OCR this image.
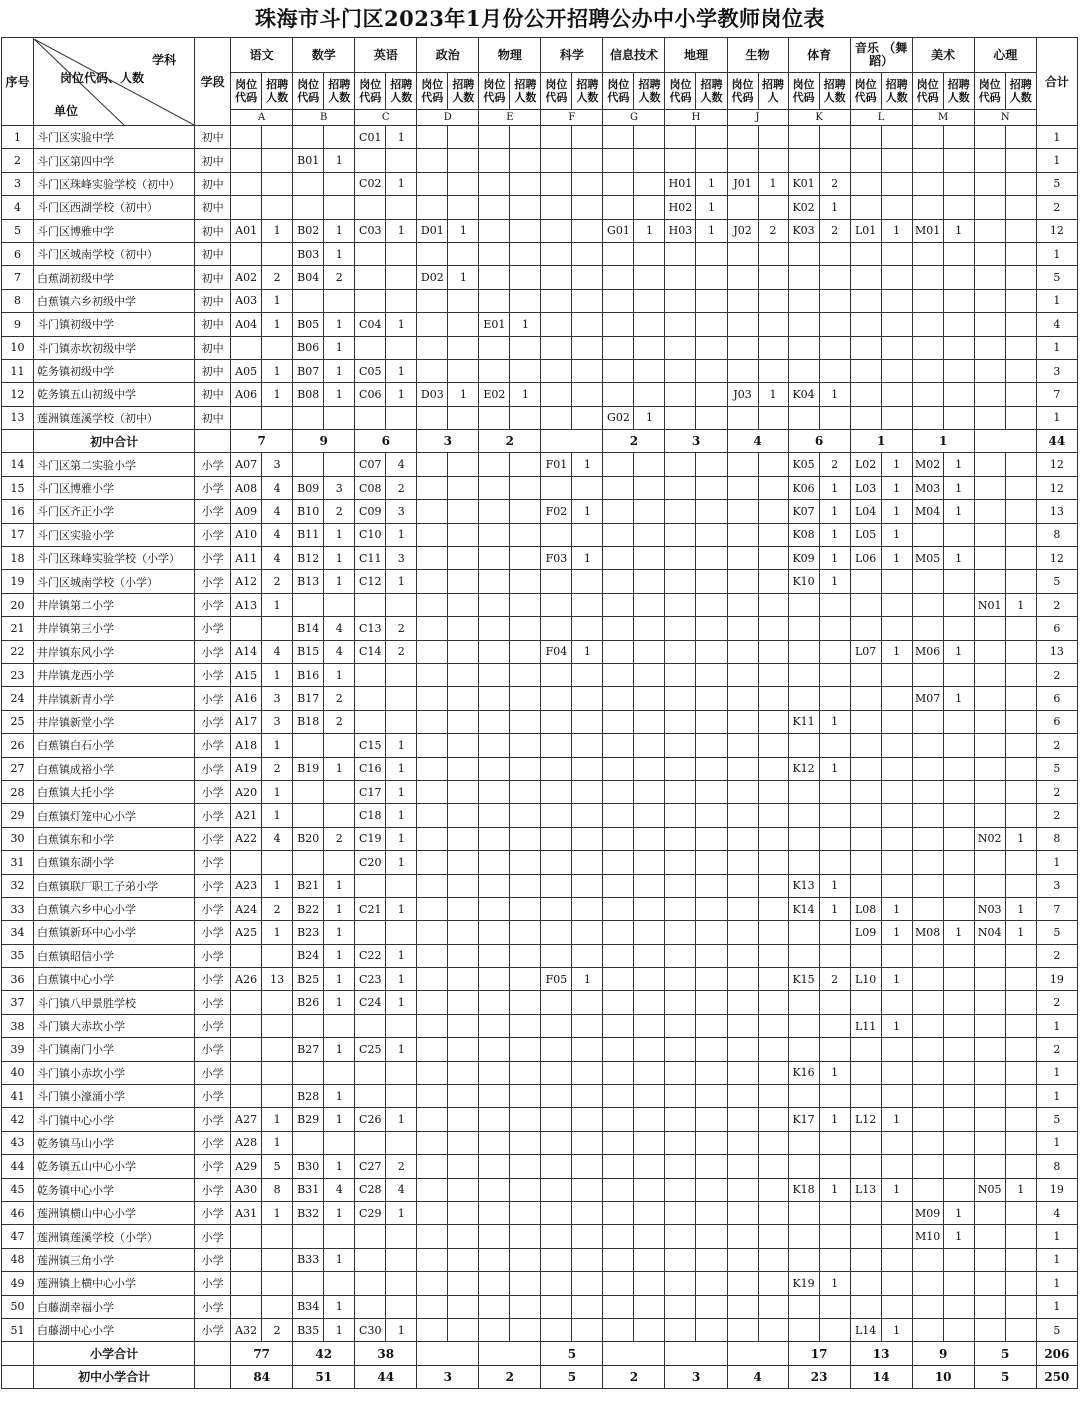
珠海市斗门区2023年1月份公开招聘公办中小学教师岗位表
序号	学科
岗位代码、人数
单位	学段	语文		数学		英语		政治		物理		科学		信息技术		地理		生物		体育		音乐 （舞蹈）		美术		心理		合计
			岗位代码	招聘人数	岗位代码	招聘人数	岗位代码	招聘人数	岗位代码	招聘人数	岗位代码	招聘人数	岗位代码	招聘人数	岗位代码	招聘人数	岗位代码	招聘人数	岗位代码	招聘人	岗位代码	招聘人数	岗位代码	招聘人数	岗位代码	招聘人数	岗位代码	招聘人数	
			A		B		C		D		E		F		G		H		J		K		L		M		N		
1	斗门区实验中学	初中					C01	1																					1
2	斗门区第四中学	初中			B01	1																							1
3	斗门区珠峰实验学校（初中）	初中					C02	1									H01	1	J01	1	K01	2							5
4	斗门区西湖学校（初中）	初中															H02	1			K02	1							2
5	斗门区博雅中学	初中	A01	1	B02	1	C03	1	D01	1					G01	1	H03	1	J02	2	K03	2	L01	1	M01	1			12
6	斗门区城南学校（初中）	初中			B03	1																							1
7	白蕉湖初级中学	初中	A02	2	B04	2			D02	1																			5
8	白蕉镇六乡初级中学	初中	A03	1																									1
9	斗门镇初级中学	初中	A04	1	B05	1	C04	1			E01	1																	4
10	斗门镇赤坎初级中学	初中			B06	1																							1
11	乾务镇初级中学	初中	A05	1	B07	1	C05	1																					3
12	乾务镇五山初级中学	初中	A06	1	B08	1	C06	1	D03	1	E02	1							J03	1	K04	1							7
13	莲洲镇莲溪学校（初中）	初中													G02	1													1
	初中合计		7		9		6		3		2				2		3		4		6		1		1				44
14	斗门区第二实验小学	小学	A07	3			C07	4					F01	1							K05	2	L02	1	M02	1			12
15	斗门区博雅小学	小学	A08	4	B09	3	C08	2													K06	1	L03	1	M03	1			12
16	斗门区齐正小学	小学	A09	4	B10	2	C09	3					F02	1							K07	1	L04	1	M04	1			13
17	斗门区实验小学	小学	A10	4	B11	1	C10	1													K08	1	L05	1					8
18	斗门区珠峰实验学校（小学）	小学	A11	4	B12	1	C11	3					F03	1							K09	1	L06	1	M05	1			12
19	斗门区城南学校（小学）	小学	A12	2	B13	1	C12	1													K10	1							5
20	井岸镇第二小学	小学	A13	1																							N01	1	2
21	井岸镇第三小学	小学			B14	4	C13	2																					6
22	井岸镇东风小学	小学	A14	4	B15	4	C14	2					F04	1									L07	1	M06	1			13
23	井岸镇龙西小学	小学	A15	1	B16	1																							2
24	井岸镇新青小学	小学	A16	3	B17	2																			M07	1			6
25	井岸镇新堂小学	小学	A17	3	B18	2															K11	1							6
26	白蕉镇白石小学	小学	A18	1			C15	1																					2
27	白蕉镇成裕小学	小学	A19	2	B19	1	C16	1													K12	1							5
28	白蕉镇大托小学	小学	A20	1			C17	1																					2
29	白蕉镇灯笼中心小学	小学	A21	1			C18	1																					2
30	白蕉镇东和小学	小学	A22	4	B20	2	C19	1																			N02	1	8
31	白蕉镇东湖小学	小学					C20	1																					1
32	白蕉镇联厂职工子弟小学	小学	A23	1	B21	1															K13	1							3
33	白蕉镇六乡中心小学	小学	A24	2	B22	1	C21	1													K14	1	L08	1			N03	1	7
34	白蕉镇新环中心小学	小学	A25	1	B23	1																	L09	1	M08	1	N04	1	5
35	白蕉镇昭信小学	小学			B24	1	C22	1																					2
36	白蕉镇中心小学	小学	A26	13	B25	1	C23	1					F05	1							K15	2	L10	1					19
37	斗门镇八甲景胜学校	小学			B26	1	C24	1																					2
38	斗门镇大赤坎小学	小学																					L11	1					1
39	斗门镇南门小学	小学			B27	1	C25	1																					2
40	斗门镇小赤坎小学	小学																			K16	1							1
41	斗门镇小濠涌小学	小学			B28	1																							1
42	斗门镇中心小学	小学	A27	1	B29	1	C26	1													K17	1	L12	1					5
43	乾务镇马山小学	小学	A28	1																									1
44	乾务镇五山中心小学	小学	A29	5	B30	1	C27	2																					8
45	乾务镇中心小学	小学	A30	8	B31	4	C28	4													K18	1	L13	1			N05	1	19
46	莲洲镇横山中心小学	小学	A31	1	B32	1	C29	1																	M09	1			4
47	莲洲镇莲溪学校（小学）	小学																							M10	1			1
48	莲洲镇三角小学	小学			B33	1																							1
49	莲洲镇上横中心小学	小学																			K19	1							1
50	白藤湖幸福小学	小学			B34	1																							1
51	白藤湖中心小学	小学	A32	2	B35	1	C30	1															L14	1					5
	小学合计		77		42		38						5								17		13		9		5		206
	初中小学合计		84		51		44		3		2		5		2		3		4		23		14		10		5		250
